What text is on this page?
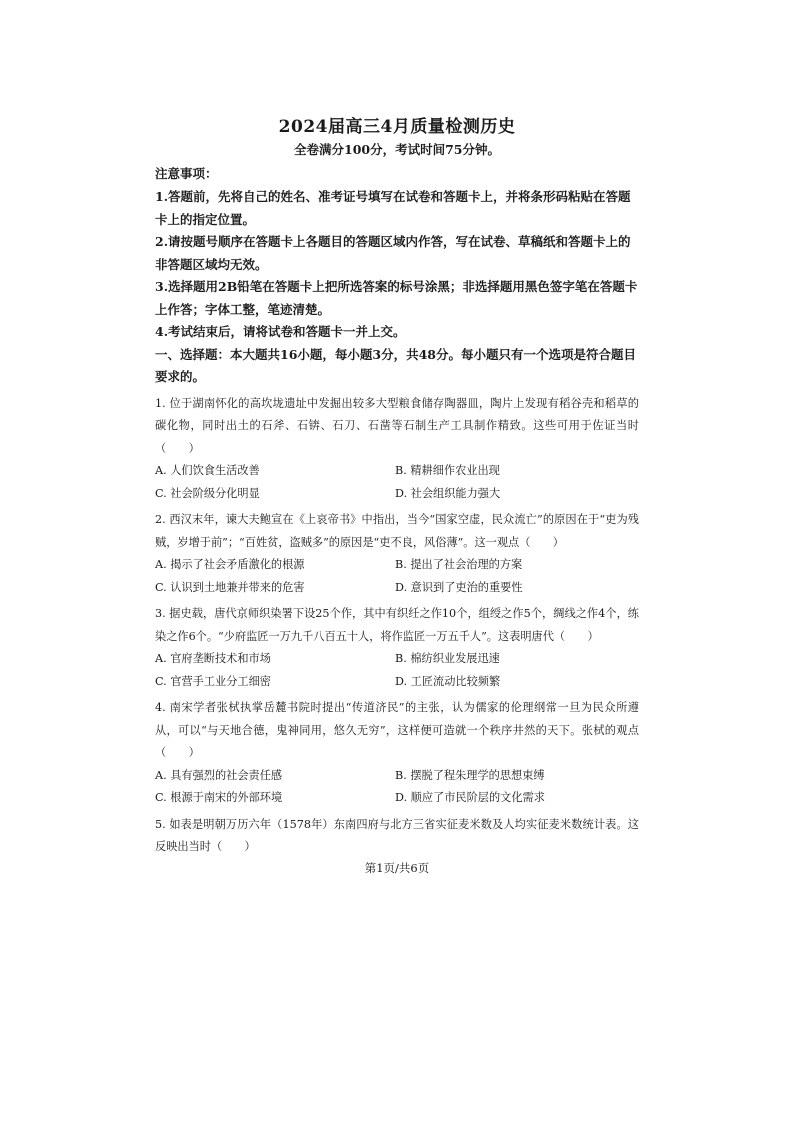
2024届高三4月质量检测历史
全卷满分100分，考试时间75分钟。

注意事项：

1.答题前，先将自己的姓名、准考证号填写在试卷和答题卡上，并将条形码粘贴在答题卡上的指定位置。

2.请按题号顺序在答题卡上各题目的答题区域内作答，写在试卷、草稿纸和答题卡上的非答题区域均无效。

3.选择题用2B铅笔在答题卡上把所选答案的标号涂黑；非选择题用黑色签字笔在答题卡上作答；字体工整，笔迹清楚。

4.考试结束后，请将试卷和答题卡一并上交。

一、选择题：本大题共16小题，每小题3分，共48分。每小题只有一个选项是符合题目要求的。

1. 位于湖南怀化的高坎垅遗址中发掘出较多大型粮食储存陶器皿，陶片上发现有稻谷壳和稻草的碳化物，同时出土的石斧、石锛、石刀、石凿等石制生产工具制作精致。这些可用于佐证当时（　　）

A. 人们饮食生活改善	B. 精耕细作农业出现
C. 社会阶级分化明显	D. 社会组织能力强大

2. 西汉末年，谏大夫鲍宣在《上哀帝书》中指出，当今“国家空虚，民众流亡”的原因在于“吏为残贼，岁增于前”；“百姓贫，盗贼多”的原因是“吏不良，风俗薄”。这一观点（　　）

A. 揭示了社会矛盾激化的根源	B. 提出了社会治理的方案
C. 认识到土地兼并带来的危害	D. 意识到了吏治的重要性

3. 据史载，唐代京师织染署下设25个作，其中有织纴之作10个，组绶之作5个，绸线之作4个，练染之作6个。“少府监匠一万九千八百五十人，将作监匠一万五千人”。这表明唐代（　　）

A. 官府垄断技术和市场	B. 棉纺织业发展迅速
C. 官营手工业分工细密	D. 工匠流动比较频繁

4. 南宋学者张栻执掌岳麓书院时提出“传道济民”的主张，认为儒家的伦理纲常一旦为民众所遵从，可以“与天地合德，鬼神同用，悠久无穷”，这样便可造就一个秩序井然的天下。张栻的观点（　　）

A. 具有强烈的社会责任感	B. 摆脱了程朱理学的思想束缚
C. 根源于南宋的外部环境	D. 顺应了市民阶层的文化需求

5. 如表是明朝万历六年（1578年）东南四府与北方三省实征麦米数及人均实征麦米数统计表。这反映出当时（　　）

第1页/共6页
